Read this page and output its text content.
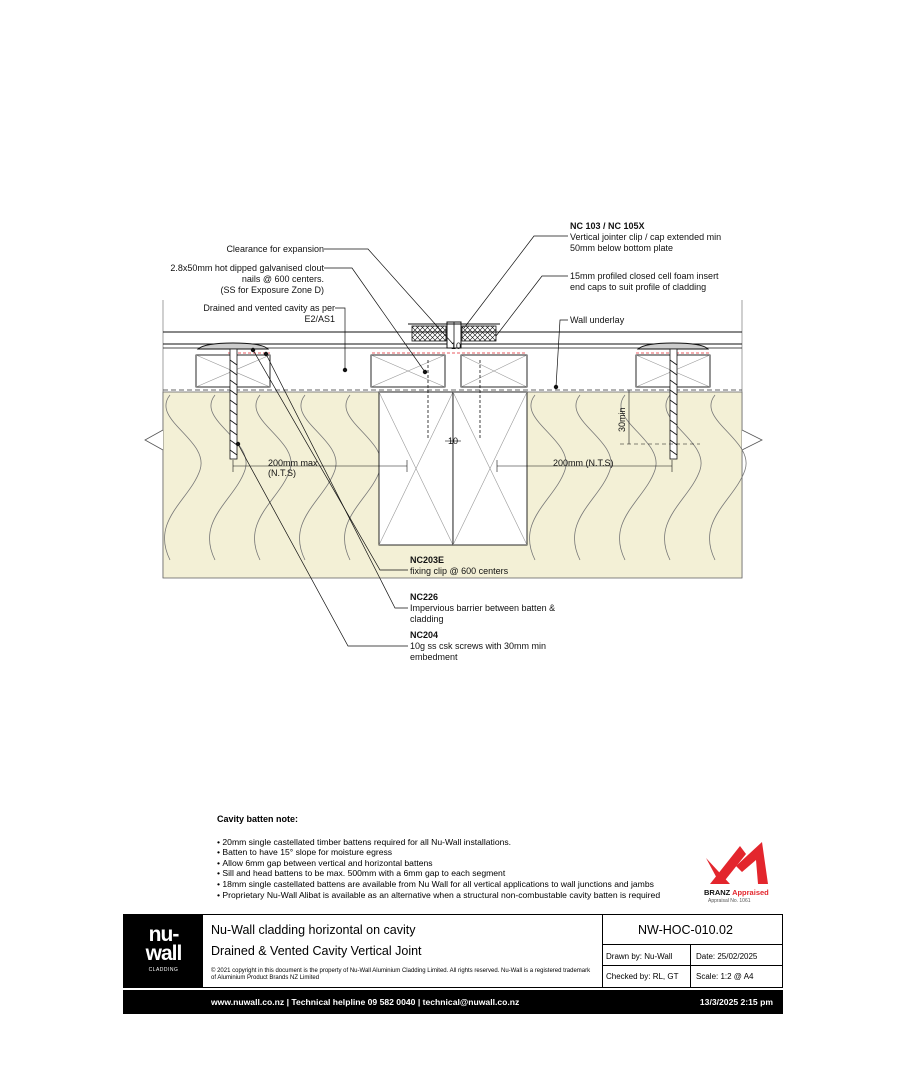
Clearance for expansion
2.8x50mm hot dipped galvanised clout
nails @ 600 centers.
(SS for Exposure Zone D)
Drained and vented cavity as per
E2/AS1
NC 103 / NC 105X
Vertical jointer clip / cap extended min
50mm below bottom plate
15mm profiled closed cell foam insert
end caps to suit profile of cladding
Wall underlay
NC203E
fixing clip @ 600 centers
NC226
Impervious barrier between batten &
cladding
NC204
10g ss csk screws with 30mm min
embedment
200mm max
(N.T.S)
200mm (N.T.S)
10
10
30min
Cavity batten note:
• 20mm single castellated timber battens required for all Nu-Wall installations.
• Batten to have 15° slope for moisture egress
• Allow 6mm gap between vertical and horizontal battens
• Sill and head battens to be max. 500mm with a 6mm gap to each segment
• 18mm single castellated battens are available from Nu Wall for all vertical applications to wall junctions and jambs
• Proprietary Nu-Wall Alibat is available as an alternative when a structural non-combustable cavity batten is required	BRANZ Appraised
Appraisal No. 1061
nu-
wall
CLADDING
Nu-Wall cladding horizontal on cavity
Drained & Vented Cavity Vertical Joint
© 2021 copyright in this document is the property of Nu-Wall Aluminium Cladding Limited. All rights reserved. Nu-Wall is a registered trademark of Aluminium Product Brands NZ Limited
NW-HOC-010.02
Drawn by: Nu-Wall	Date: 25/02/2025
Checked by: RL, GT Scale: 1:2 @ A4
www.nuwall.co.nz | Technical helpline 09 582 0040 | technical@nuwall.co.nz	13/3/2025 2:15 pm
